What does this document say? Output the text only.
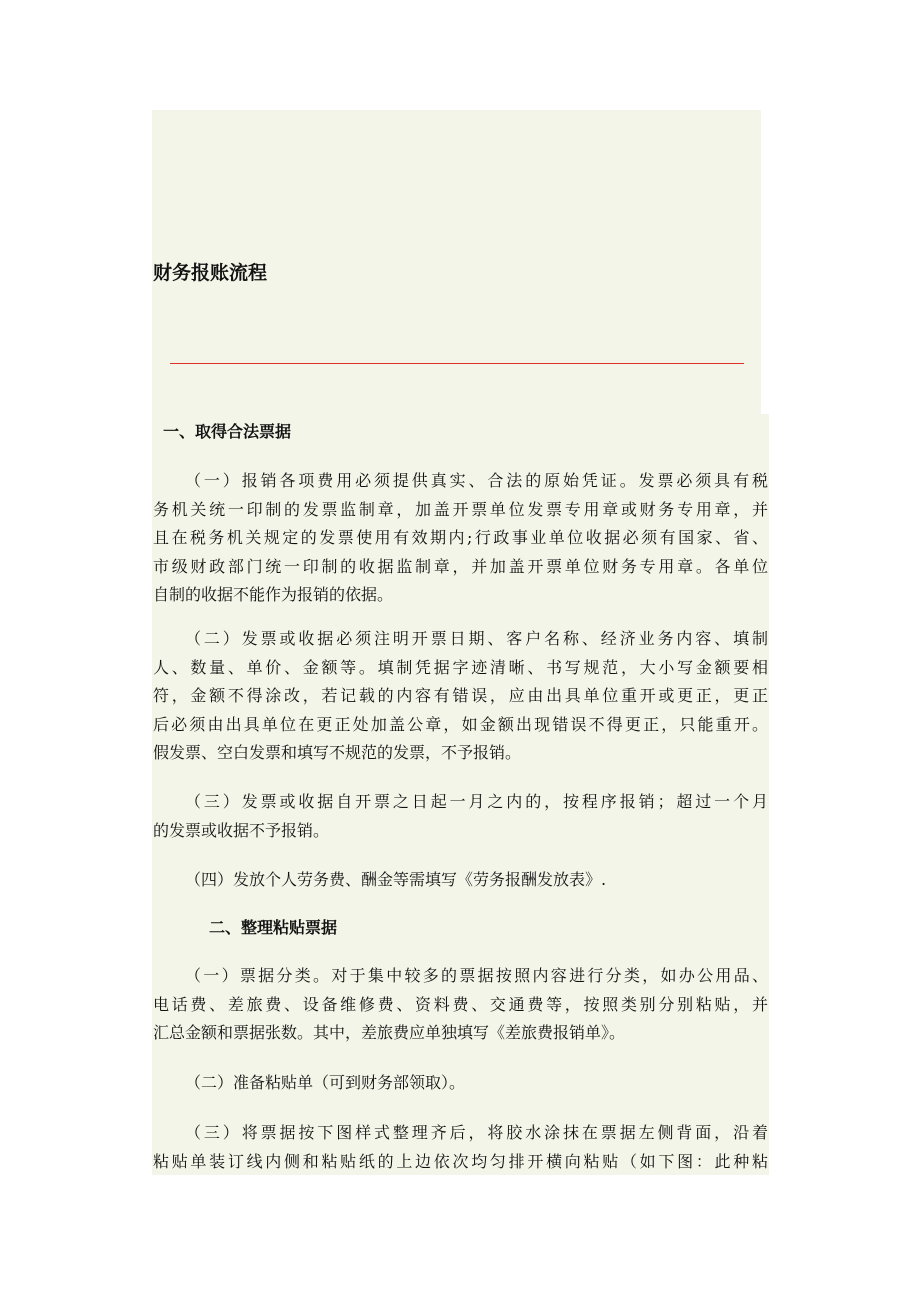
财务报账流程
一、取得合法票据

（一）报销各项费用必须提供真实、合法的原始凭证。发票必须具有税
务机关统一印制的发票监制章，加盖开票单位发票专用章或财务专用章，并
且在税务机关规定的发票使用有效期内;行政事业单位收据必须有国家、省、
市级财政部门统一印制的收据监制章，并加盖开票单位财务专用章。各单位
自制的收据不能作为报销的依据。

（二）发票或收据必须注明开票日期、客户名称、经济业务内容、填制
人、数量、单价、金额等。填制凭据字迹清晰、书写规范，大小写金额要相
符，金额不得涂改，若记载的内容有错误，应由出具单位重开或更正，更正
后必须由出具单位在更正处加盖公章，如金额出现错误不得更正，只能重开。
假发票、空白发票和填写不规范的发票，不予报销。

（三）发票或收据自开票之日起一月之内的，按程序报销；超过一个月
的发票或收据不予报销。

（四）发放个人劳务费、酬金等需填写《劳务报酬发放表》.

二、整理粘贴票据

（一）票据分类。对于集中较多的票据按照内容进行分类，如办公用品、
电话费、差旅费、设备维修费、资料费、交通费等，按照类别分别粘贴，并
汇总金额和票据张数。其中，差旅费应单独填写《差旅费报销单》。

（二）准备粘贴单（可到财务部领取）。

（三）将票据按下图样式整理齐后，将胶水涂抹在票据左侧背面，沿着
粘贴单装订线内侧和粘贴纸的上边依次均匀排开横向粘贴（如下图：此种粘
